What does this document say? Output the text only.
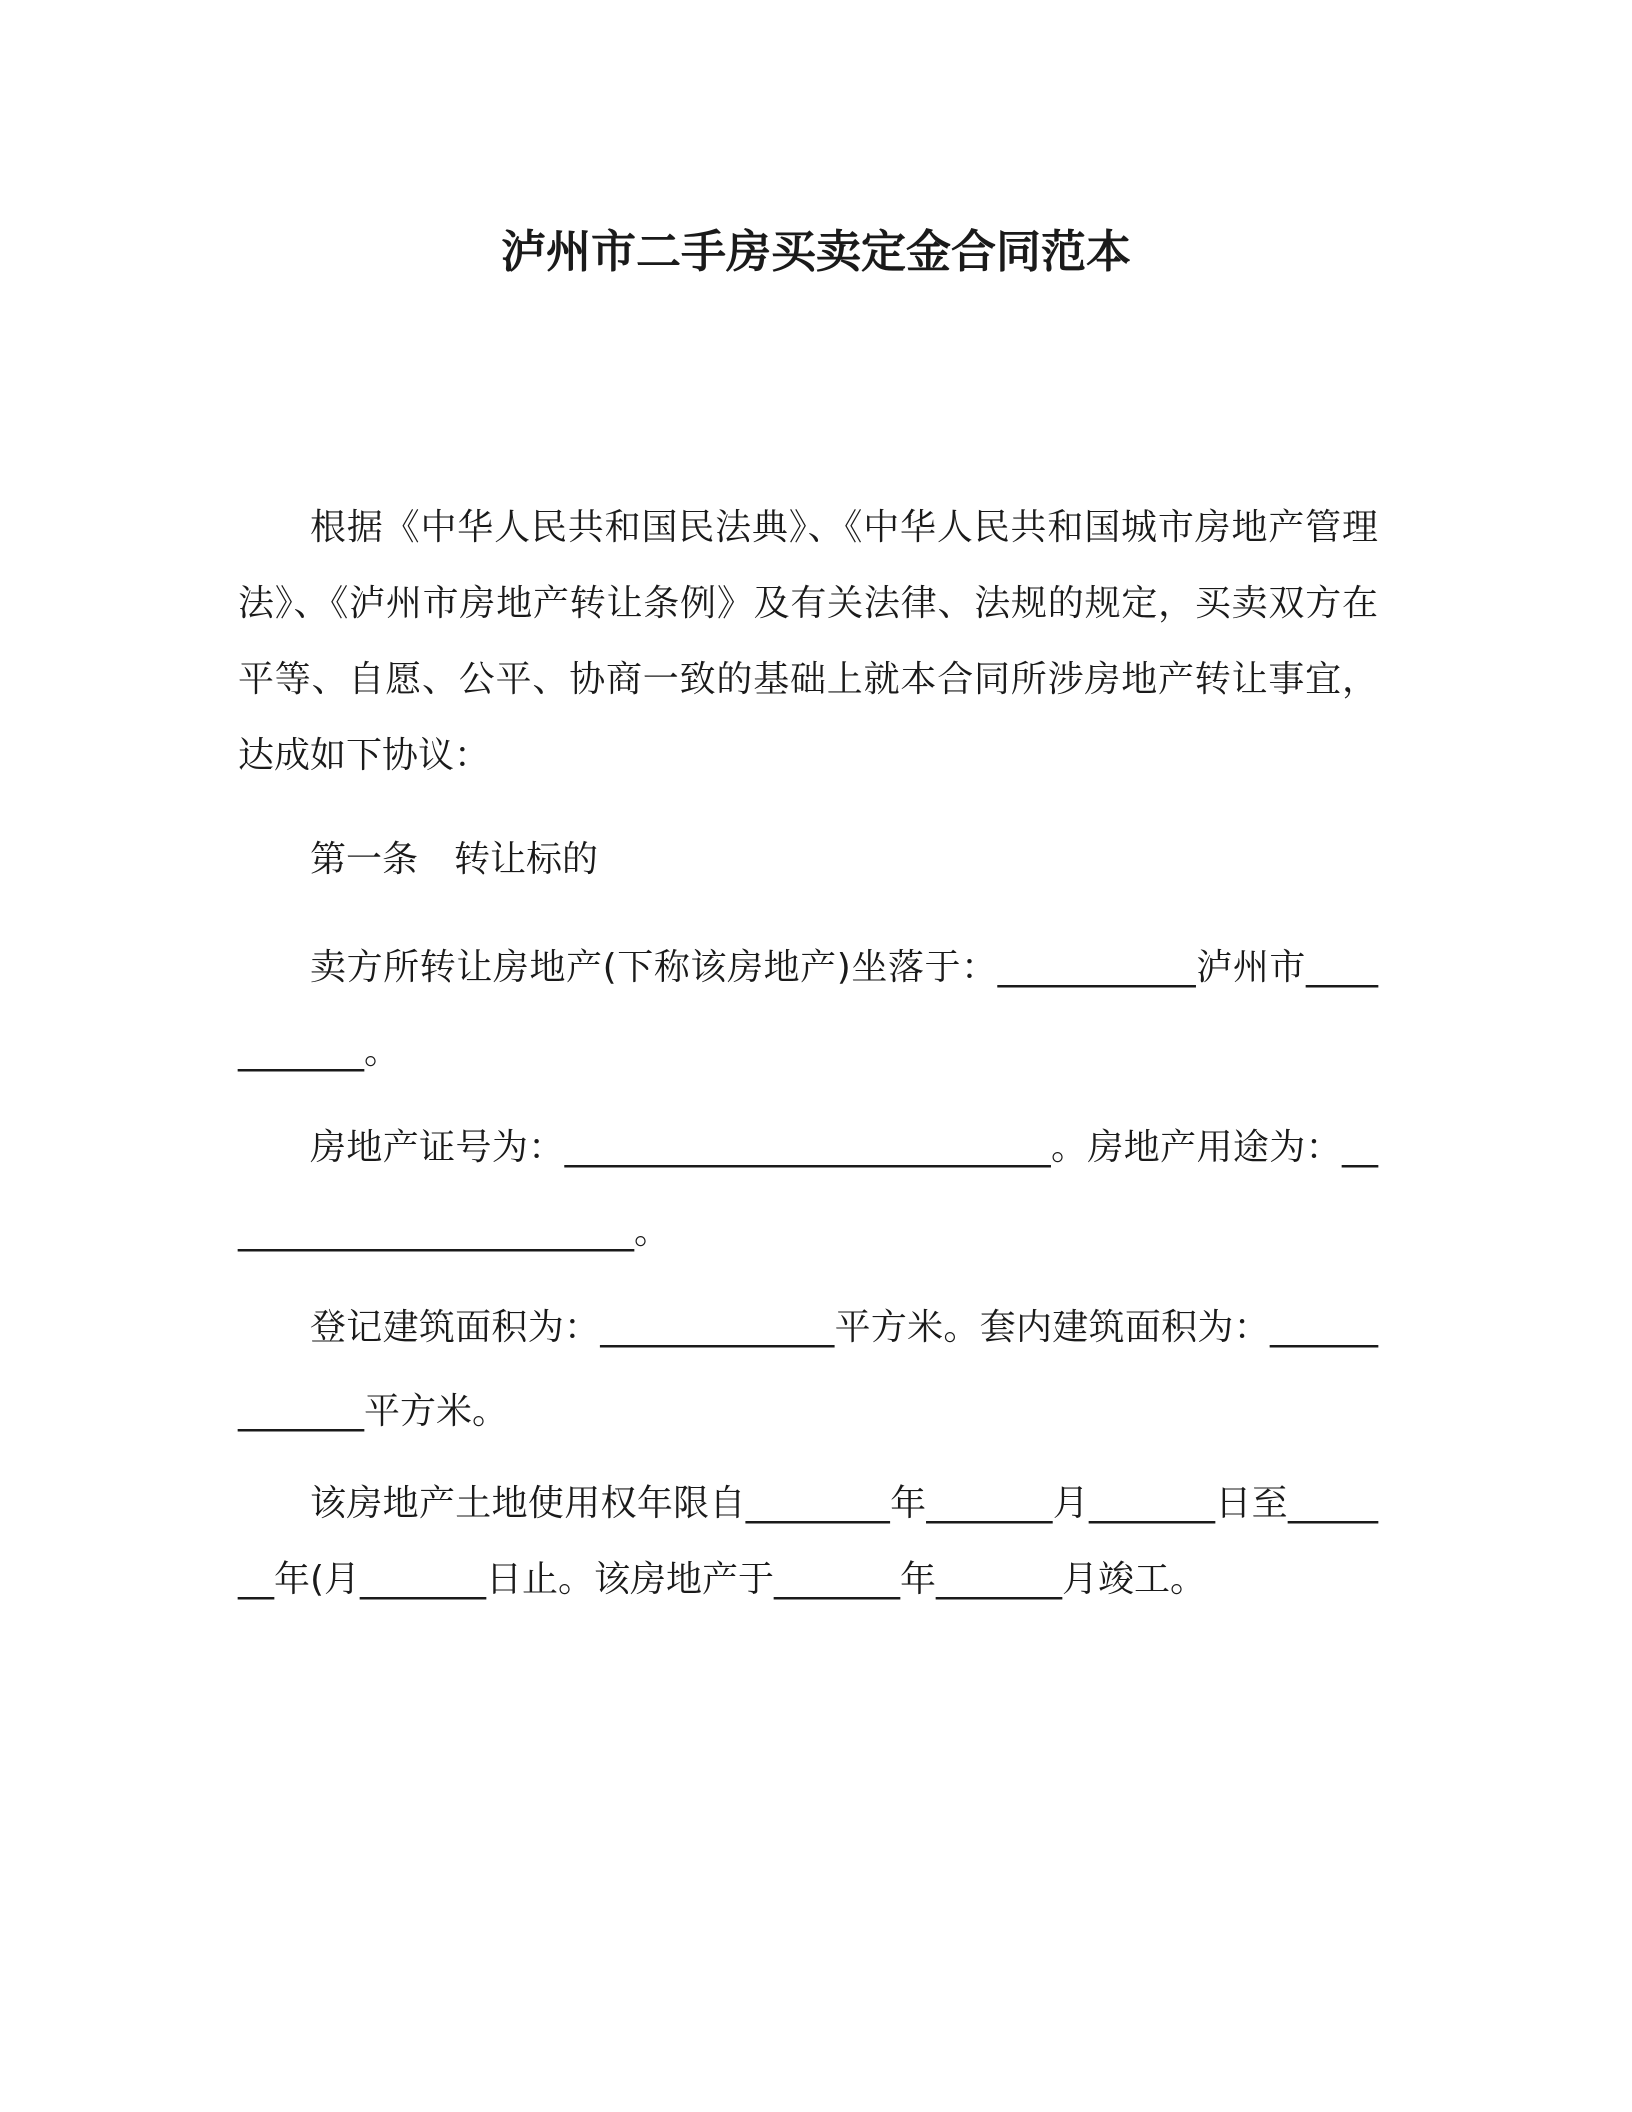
泸州市二手房买卖定金合同范本

根据《中华人民共和国民法典》、《中华人民共和国城市房地产管理法》、《泸州市房地产转让条例》及有关法律、法规的规定，买卖双方在平等、自愿、公平、协商一致的基础上就本合同所涉房地产转让事宜，达成如下协议：

第一条　转让标的

卖方所转让房地产(下称该房地产)坐落于：___________泸州市___________。

房地产证号为：___________________________。房地产用途为：________________________。

登记建筑面积为：_____________平方米。套内建筑面积为：_____________平方米。

该房地产土地使用权年限自________年_______月_______日至_______年(月_______日止。该房地产于_______年_______月竣工。
